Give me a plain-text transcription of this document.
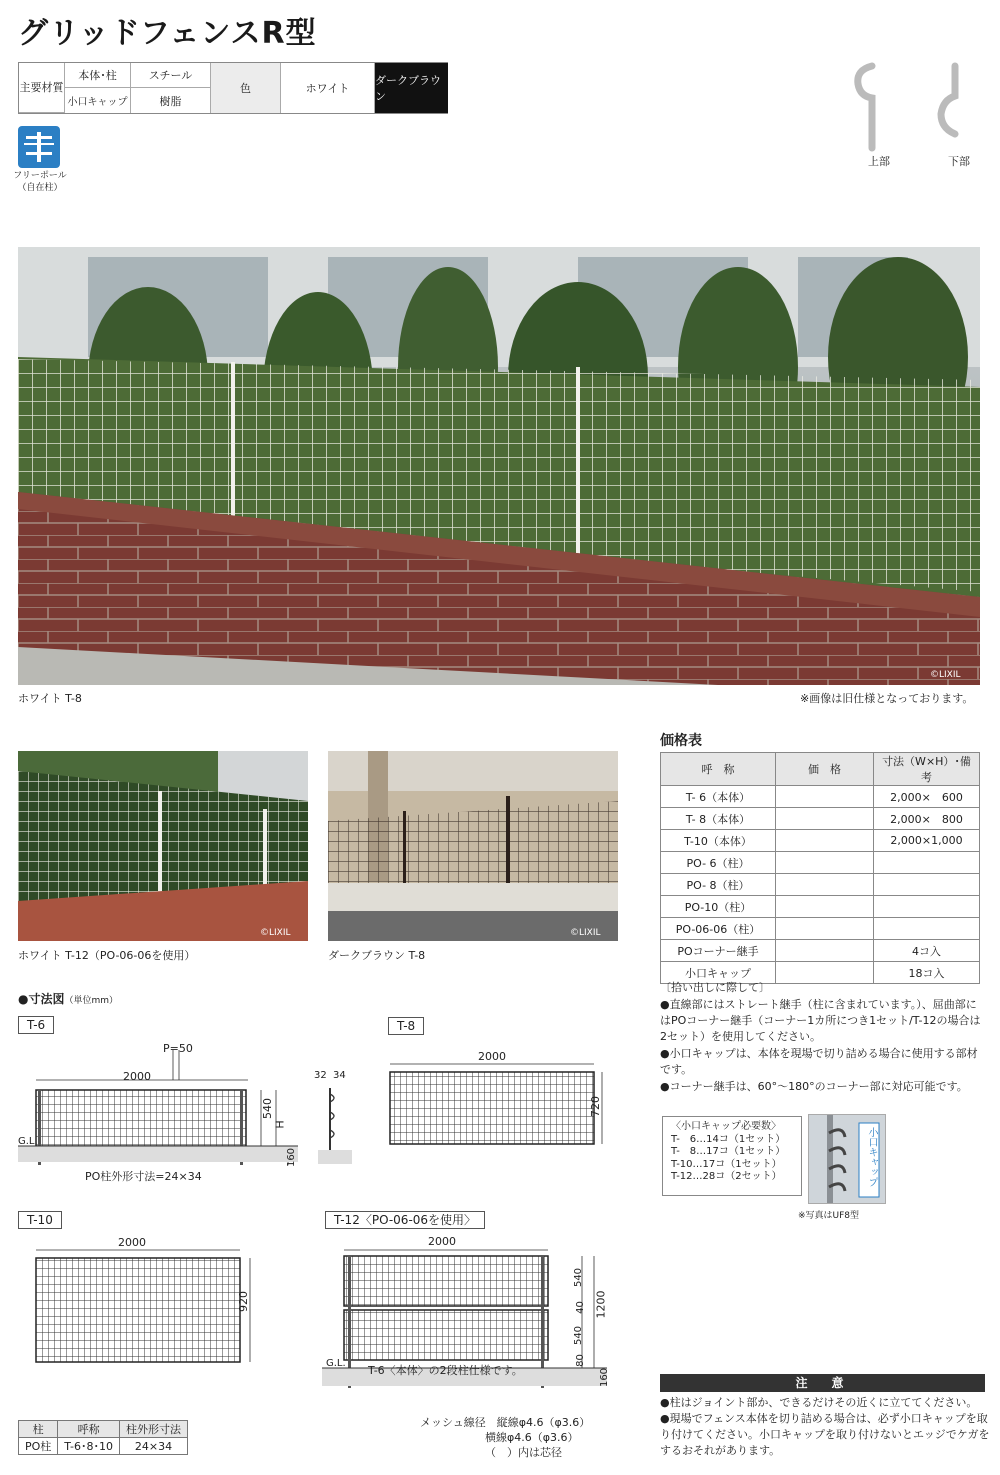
グリッドフェンスR型
主要材質
本体･柱	スチール
小口キャップ	樹脂
色	ホワイト
ダークブラウン
フリーポール
（自在柱）
上部	下部
©LIXIL
ホワイト T-8	※画像は旧仕様となっております。
©LIXIL
ホワイト T-12（PO-06-06を使用）
©LIXIL
ダークブラウン T-8
価格表
呼　称	価　格	寸法（W×H）･備考
T- 6（本体）		2,000×　600
T- 8（本体）		2,000×　800
T-10（本体）		2,000×1,000
PO- 6（柱）		
PO- 8（柱）		
PO-10（柱）		
PO-06-06（柱）		
POコーナー継手		4コ入
小口キャップ		18コ入

〔拾い出しに際して〕

●直線部にはストレート継手（柱に含まれています。）、屈曲部にはPOコーナー継手（コーナー1カ所につき1セット/T-12の場合は2セット）を使用してください。

●小口キャップは、本体を現場で切り詰める場合に使用する部材です。

●コーナー継手は、60°～180°のコーナー部に対応可能です。

〈小口キャップ必要数〉
T-　6…14コ（1セット）
T-　8…17コ（1セット）
T-10…17コ（1セット）
T-12…28コ（2セット）	小口キャップ
※写真はUF8型
●寸法図（単位mm）
T-6
2000
P=50
540
H
160
G.L.
PO柱外形寸法=24×34
32 34
T-8
2000
720
T-10
2000
920
T-12〈PO-06-06を使用〉
2000
540
40
540
80
1200
160
G.L.
T-6〈本体〉の2段柱仕様です。
柱	呼称	柱外形寸法
PO柱	T-6･8･10	24×34
メッシュ線径　 縦線φ4.6（φ3.6）
横線φ4.6（φ3.6）
（　）内は芯径
注　意

●柱はジョイント部か、できるだけその近くに立ててください。

●現場でフェンス本体を切り詰める場合は、必ず小口キャップを取り付けてください。小口キャップを取り付けないとエッジでケガをするおそれがあります。
